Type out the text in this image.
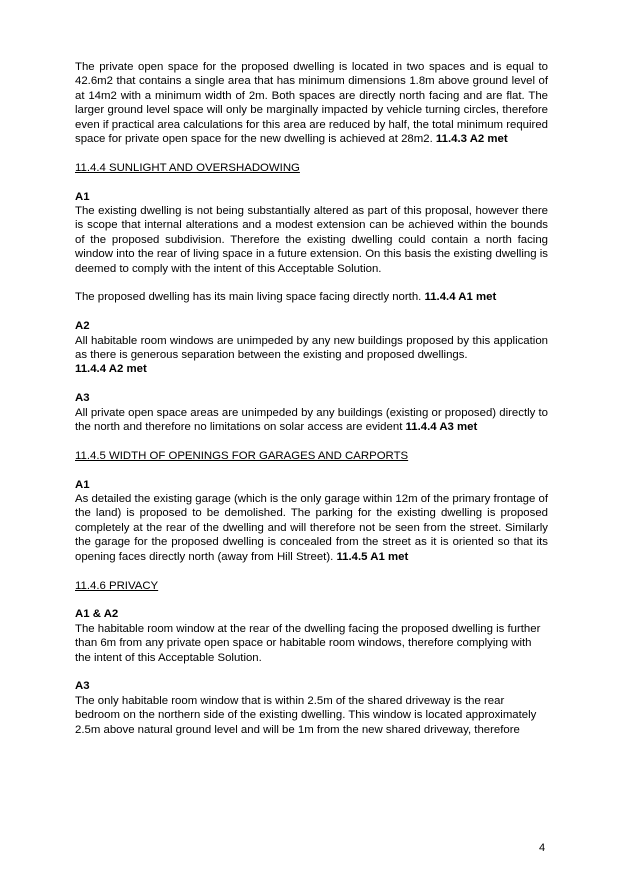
The private open space for the proposed dwelling is located in two spaces and is equal to 42.6m2 that contains a single area that has minimum dimensions 1.8m above ground level of at 14m2 with a minimum width of 2m. Both spaces are directly north facing and are flat. The larger ground level space will only be marginally impacted by vehicle turning circles, therefore even if practical area calculations for this area are reduced by half, the total minimum required space for private open space for the new dwelling is achieved at 28m2. 11.4.3 A2 met

11.4.4 SUNLIGHT AND OVERSHADOWING

A1

The existing dwelling is not being substantially altered as part of this proposal, however there is scope that internal alterations and a modest extension can be achieved within the bounds of the proposed subdivision. Therefore the existing dwelling could contain a north facing window into the rear of living space in a future extension. On this basis the existing dwelling is deemed to comply with the intent of this Acceptable Solution.

The proposed dwelling has its main living space facing directly north. 11.4.4 A1 met

A2

All habitable room windows are unimpeded by any new buildings proposed by this application as there is generous separation between the existing and proposed dwellings.

11.4.4 A2 met

A3

All private open space areas are unimpeded by any buildings (existing or proposed) directly to the north and therefore no limitations on solar access are evident 11.4.4 A3 met

11.4.5 WIDTH OF OPENINGS FOR GARAGES AND CARPORTS

A1

As detailed the existing garage (which is the only garage within 12m of the primary frontage of the land) is proposed to be demolished. The parking for the existing dwelling is proposed completely at the rear of the dwelling and will therefore not be seen from the street. Similarly the garage for the proposed dwelling is concealed from the street as it is oriented so that its opening faces directly north (away from Hill Street). 11.4.5 A1 met

11.4.6 PRIVACY

A1 & A2

The habitable room window at the rear of the dwelling facing the proposed dwelling is further than 6m from any private open space or habitable room windows, therefore complying with the intent of this Acceptable Solution.

A3

The only habitable room window that is within 2.5m of the shared driveway is the rear bedroom on the northern side of the existing dwelling. This window is located approximately 2.5m above natural ground level and will be 1m from the new shared driveway, therefore

4
